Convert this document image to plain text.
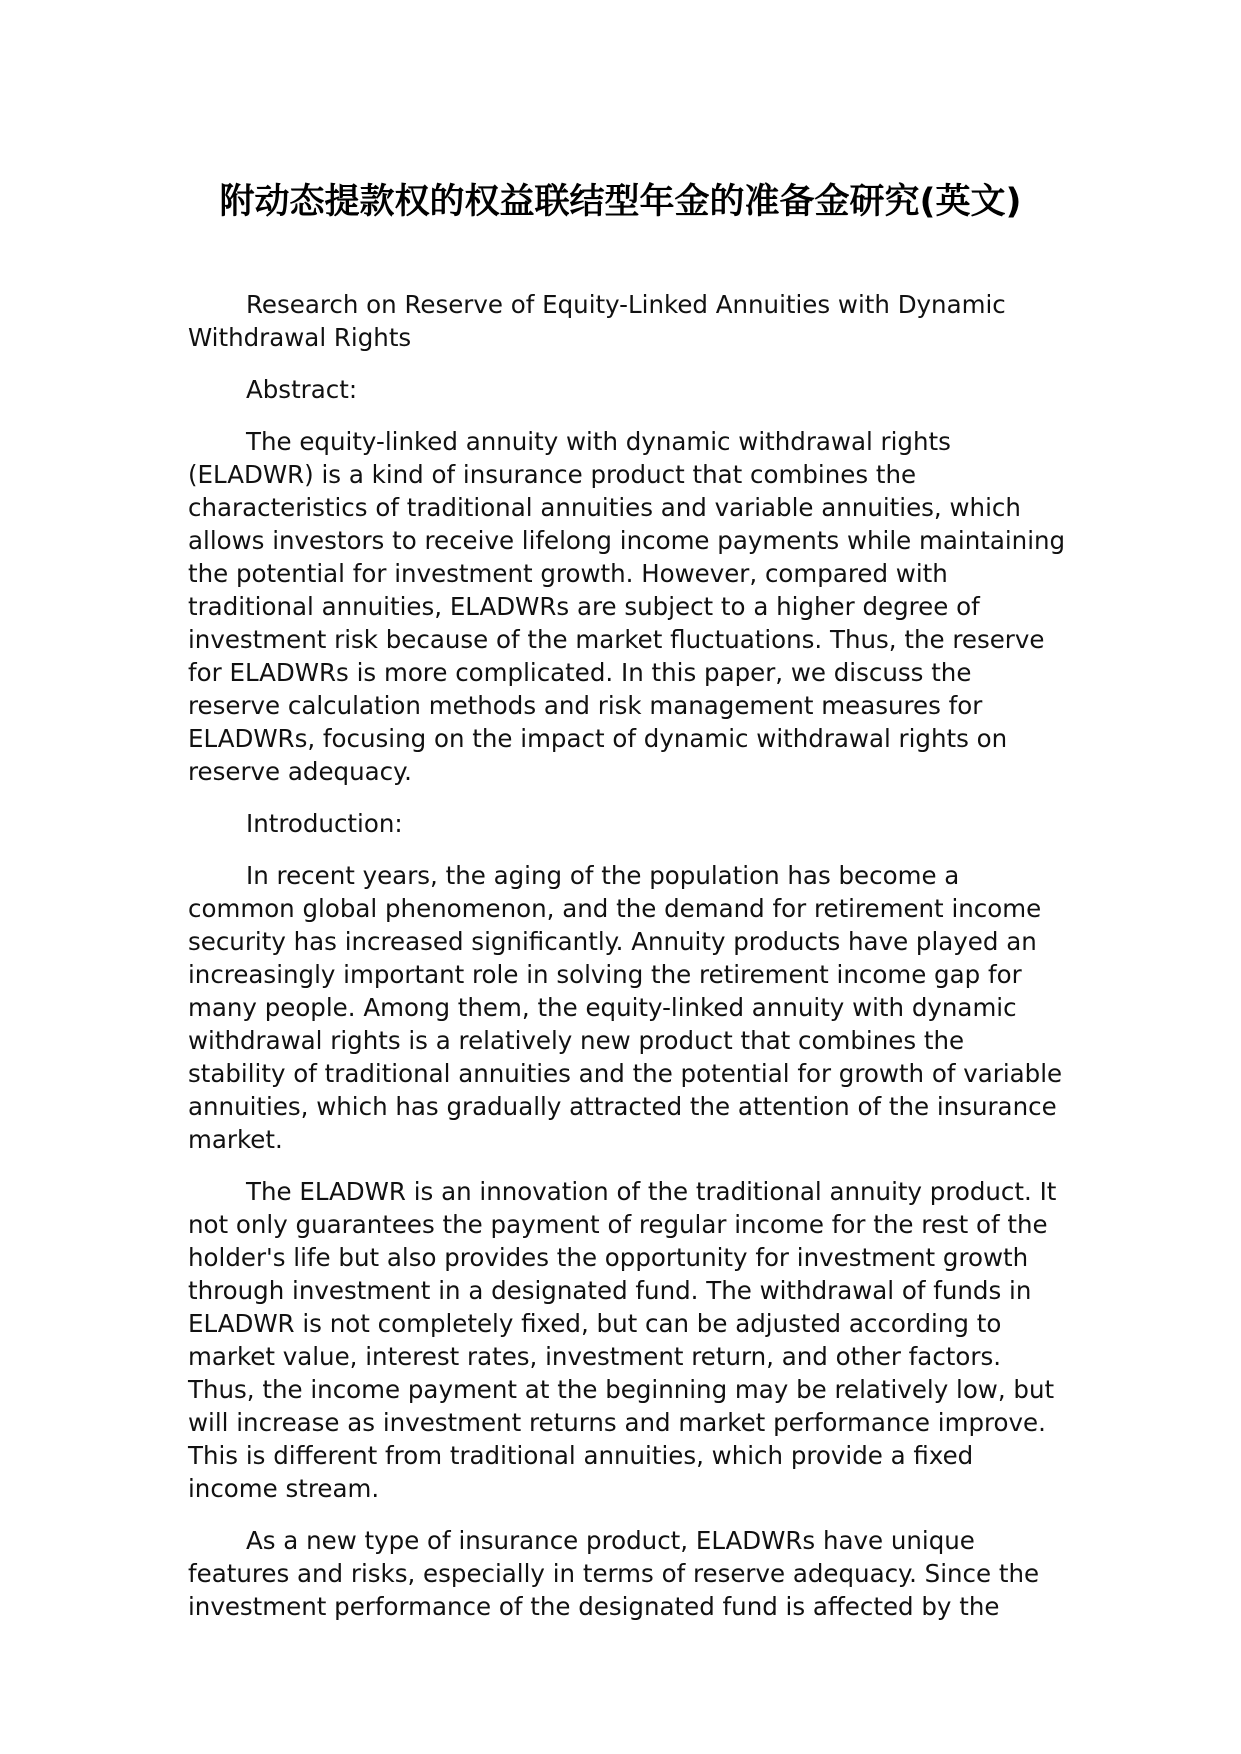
附动态提款权的权益联结型年金的准备金研究(英文)

Research on Reserve of Equity-Linked Annuities with Dynamic Withdrawal Rights

Abstract:

The equity-linked annuity with dynamic withdrawal rights (ELADWR) is a kind of insurance product that combines the characteristics of traditional annuities and variable annuities, which allows investors to receive lifelong income payments while maintaining the potential for investment growth. However, compared with traditional annuities, ELADWRs are subject to a higher degree of investment risk because of the market fluctuations. Thus, the reserve for ELADWRs is more complicated. In this paper, we discuss the reserve calculation methods and risk management measures for ELADWRs, focusing on the impact of dynamic withdrawal rights on reserve adequacy.

Introduction:

In recent years, the aging of the population has become a common global phenomenon, and the demand for retirement income security has increased significantly. Annuity products have played an increasingly important role in solving the retirement income gap for many people. Among them, the equity-linked annuity with dynamic withdrawal rights is a relatively new product that combines the stability of traditional annuities and the potential for growth of variable annuities, which has gradually attracted the attention of the insurance market.

The ELADWR is an innovation of the traditional annuity product. It not only guarantees the payment of regular income for the rest of the holder's life but also provides the opportunity for investment growth through investment in a designated fund. The withdrawal of funds in ELADWR is not completely fixed, but can be adjusted according to market value, interest rates, investment return, and other factors. Thus, the income payment at the beginning may be relatively low, but will increase as investment returns and market performance improve. This is different from traditional annuities, which provide a fixed income stream.

As a new type of insurance product, ELADWRs have unique features and risks, especially in terms of reserve adequacy. Since the investment performance of the designated fund is affected by the
